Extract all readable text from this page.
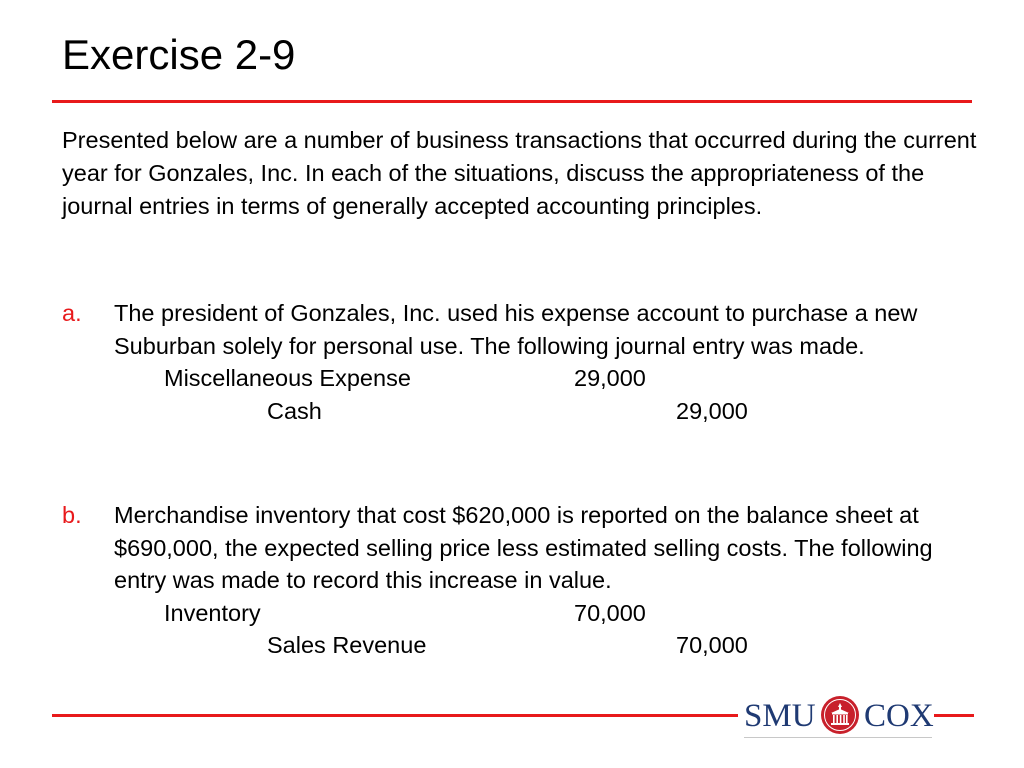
Exercise 2-9

Presented below are a number of business transactions that occurred during the current year for Gonzales, Inc. In each of the situations, discuss the appropriateness of the journal entries in terms of generally accepted accounting principles.

a.	The president of Gonzales, Inc. used his expense account to purchase a new Suburban solely for personal use. The following journal entry was made.
Miscellaneous Expense	29,000
Cash	29,000
b.	Merchandise inventory that cost $620,000 is reported on the balance sheet at $690,000, the expected selling price less estimated selling costs. The following entry was made to record this increase in value.
Inventory	70,000
Sales Revenue	70,000
SMU COX
